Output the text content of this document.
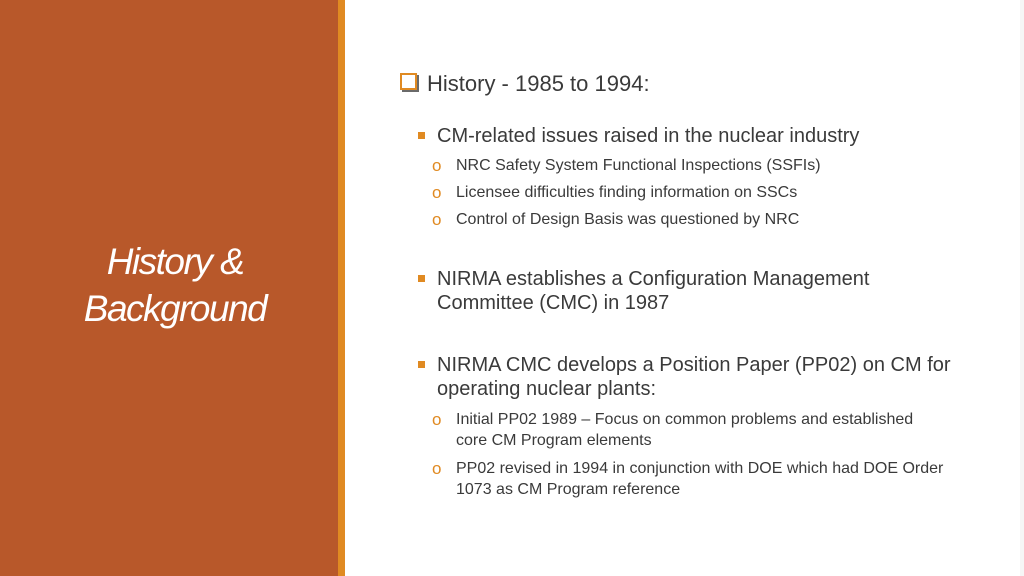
History &
Background
History - 1985 to 1994:
CM-related issues raised in the nuclear industry
o NRC Safety System Functional Inspections (SSFIs)
o Licensee difficulties finding information on SSCs
o Control of Design Basis was questioned by NRC
NIRMA establishes a Configuration Management Committee (CMC) in 1987
NIRMA CMC develops a Position Paper (PP02) on CM for operating nuclear plants:
o Initial PP02 1989 – Focus on common problems and established core CM Program elements
o PP02 revised in 1994 in conjunction with DOE which had DOE Order 1073 as CM Program reference
